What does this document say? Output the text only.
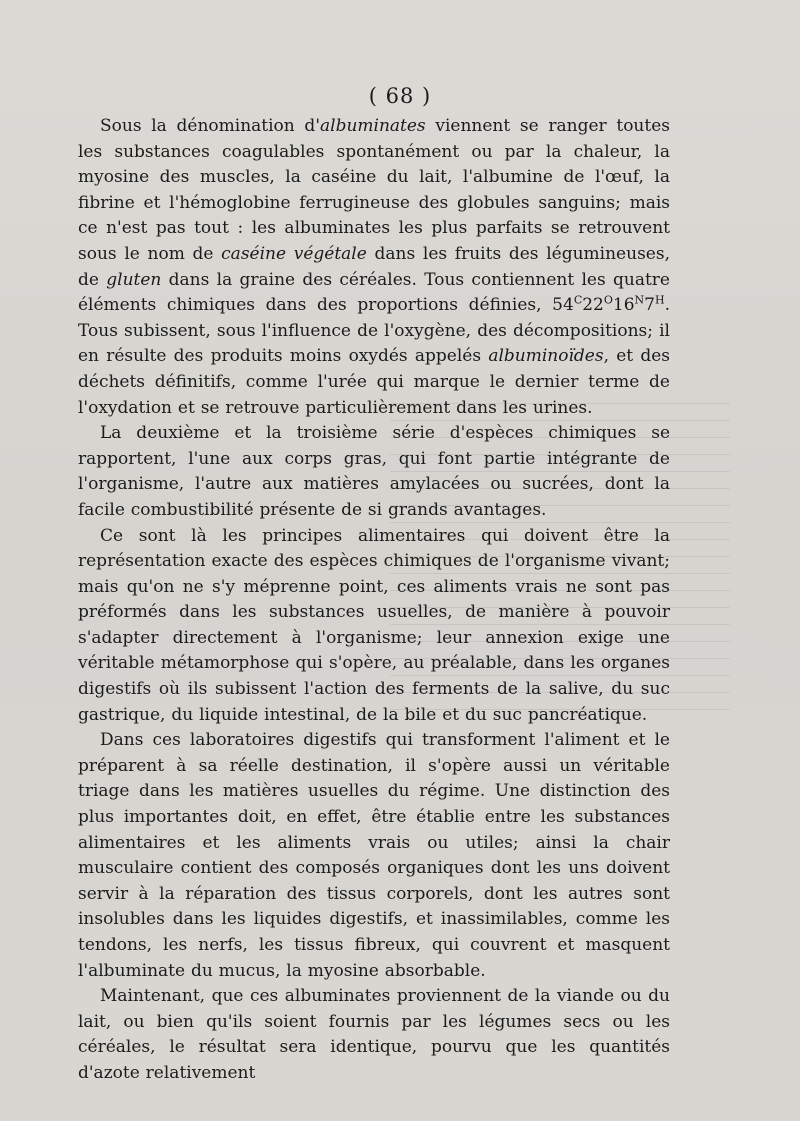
( 68 )

Sous la dénomination d'albuminates viennent se ranger toutes les substances coagulables spontanément ou par la chaleur, la myosine des muscles, la caséine du lait, l'albumine de l'œuf, la fibrine et l'hémoglobine ferrugineuse des globules sanguins; mais ce n'est pas tout : les albuminates les plus parfaits se retrouvent sous le nom de caséine végétale dans les fruits des légumineuses, de gluten dans la graine des céréales. Tous contiennent les quatre éléments chimiques dans des proportions définies, $54^C22^O16^N7^H$. Tous subissent, sous l'influence de l'oxygène, des décompositions; il en résulte des produits moins oxydés appelés albuminoïdes, et des déchets définitifs, comme l'urée qui marque le dernier terme de l'oxydation et se retrouve particulièrement dans les urines.

La deuxième et la troisième série d'espèces chimiques se rapportent, l'une aux corps gras, qui font partie intégrante de l'organisme, l'autre aux matières amylacées ou sucrées, dont la facile combustibilité présente de si grands avantages.

Ce sont là les principes alimentaires qui doivent être la représentation exacte des espèces chimiques de l'organisme vivant; mais qu'on ne s'y méprenne point, ces aliments vrais ne sont pas préformés dans les substances usuelles, de manière à pouvoir s'adapter directement à l'organisme; leur annexion exige une véritable métamorphose qui s'opère, au préalable, dans les organes digestifs où ils subissent l'action des ferments de la salive, du suc gastrique, du liquide intestinal, de la bile et du suc pancréatique.

Dans ces laboratoires digestifs qui transforment l'aliment et le préparent à sa réelle destination, il s'opère aussi un véritable triage dans les matières usuelles du régime. Une distinction des plus importantes doit, en effet, être établie entre les substances alimentaires et les aliments vrais ou utiles; ainsi la chair musculaire contient des composés organiques dont les uns doivent servir à la réparation des tissus corporels, dont les autres sont insolubles dans les liquides digestifs, et inassimilables, comme les tendons, les nerfs, les tissus fibreux, qui couvrent et masquent l'albuminate du mucus, la myosine absorbable.

Maintenant, que ces albuminates proviennent de la viande ou du lait, ou bien qu'ils soient fournis par les légumes secs ou les céréales, le résultat sera identique, pourvu que les quantités d'azote relativement
